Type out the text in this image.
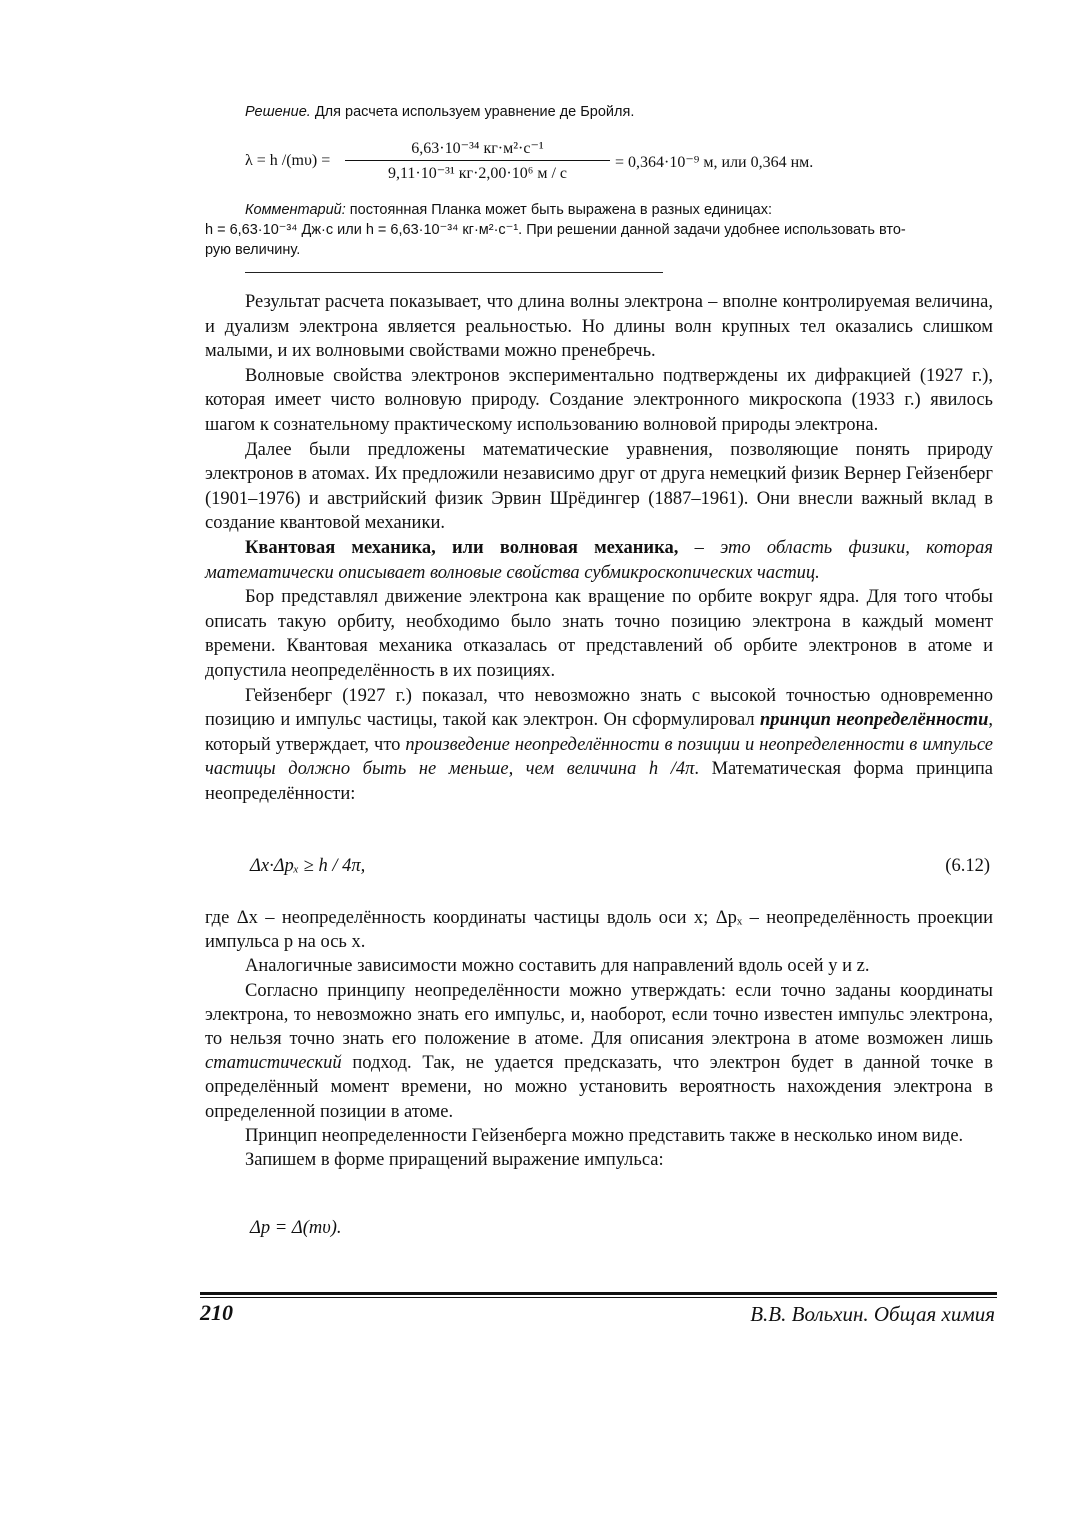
Решение. Для расчета используем уравнение де Бройля.
λ = h /(mυ) =
6,63·10⁻³⁴ кг·м²·с⁻¹
9,11·10⁻³¹ кг·2,00·10⁶ м / с
= 0,364·10⁻⁹ м, или 0,364 нм.

Комментарий: постоянная Планка может быть выражена в разных единицах:

h = 6,63·10⁻³⁴ Дж·с или h = 6,63·10⁻³⁴ кг·м²·с⁻¹. При решении данной задачи удобнее использовать вто-

рую величину.

Результат расчета показывает, что длина волны электрона – вполне контролируемая величина, и дуализм электрона является реальностью. Но длины волн крупных тел оказались слишком малыми, и их волновыми свойствами можно пренебречь.

Волновые свойства электронов экспериментально подтверждены их дифракцией (1927 г.), которая имеет чисто волновую природу. Создание электронного микроскопа (1933 г.) явилось шагом к сознательному практическому использованию волновой природы электрона.

Далее были предложены математические уравнения, позволяющие понять природу электронов в атомах. Их предложили независимо друг от друга немецкий физик Вернер Гейзенберг (1901–1976) и австрийский физик Эрвин Шрёдингер (1887–1961). Они внесли важный вклад в создание квантовой механики.

Квантовая механика, или волновая механика, – это область физики, которая математически описывает волновые свойства субмикроскопических частиц.

Бор представлял движение электрона как вращение по орбите вокруг ядра. Для того чтобы описать такую орбиту, необходимо было знать точно позицию электрона в каждый момент времени. Квантовая механика отказалась от представлений об орбите электронов в атоме и допустила неопределённость в их позициях.

Гейзенберг (1927 г.) показал, что невозможно знать с высокой точностью одновременно позицию и импульс частицы, такой как электрон. Он сформулировал принцип неопределённости, который утверждает, что произведение неопределённости в позиции и неопределенности в импульсе частицы должно быть не меньше, чем величина h /4π. Математическая форма принципа неопределённости:

Δx·Δpₓ ≥ h / 4π,	(6.12)

где Δx – неопределённость координаты частицы вдоль оси x; Δpₓ – неопределённость проекции импульса p на ось x.

Аналогичные зависимости можно составить для направлений вдоль осей y и z.

Согласно принципу неопределённости можно утверждать: если точно заданы координаты электрона, то невозможно знать его импульс, и, наоборот, если точно известен импульс электрона, то нельзя точно знать его положение в атоме. Для описания электрона в атоме возможен лишь статистический подход. Так, не удается предсказать, что электрон будет в данной точке в определённый момент времени, но можно установить вероятность нахождения электрона в определенной позиции в атоме.

Принцип неопределенности Гейзенберга можно представить также в несколько ином виде.

Запишем в форме приращений выражение импульса:

Δp = Δ(mυ).
210	В.В. Вольхин. Общая химия
